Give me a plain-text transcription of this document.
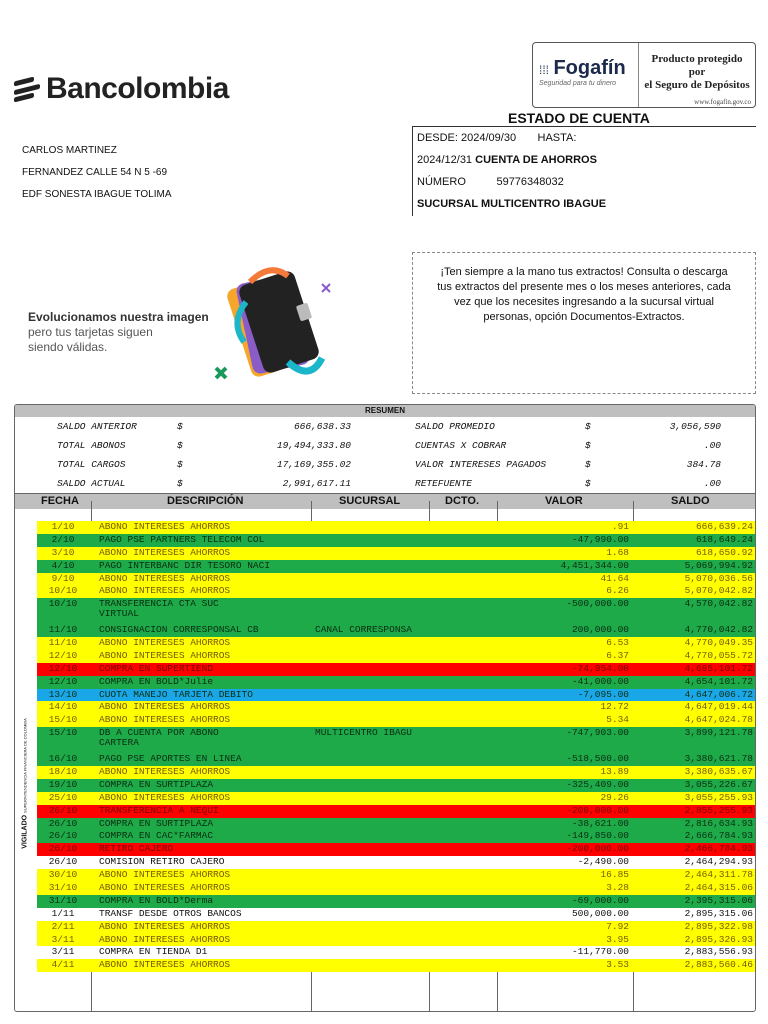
Bancolombia
⁞⁞⁞ Fogafín
Seguridad para tu dinero
Producto protegido por
el Seguro de Depósitos
www.fogafin.gov.co
ESTADO DE CUENTA
DESDE: 2024/09/30 HASTA:
2024/12/31 CUENTA DE AHORROS
NÚMERO	59776348032
SUCURSAL MULTICENTRO IBAGUE
CARLOS MARTINEZ
FERNANDEZ CALLE 54 N 5 -69
EDF SONESTA IBAGUE TOLIMA
Evolucionamos nuestra imagen
pero tus tarjetas siguen
siendo válidas.
¡Ten siempre a la mano tus extractos! Consulta o descarga tus extractos del presente mes o los meses anteriores, cada vez que los necesites ingresando a la sucursal virtual personas, opción Documentos-Extractos.
RESUMEN
SALDO ANTERIOR	$	666,638.33	SALDO PROMEDIO	$	3,056,590
TOTAL ABONOS	$	19,494,333.80	CUENTAS X COBRAR	$	.00
TOTAL CARGOS	$	17,169,355.02	VALOR INTERESES PAGADOS	$	384.78
SALDO ACTUAL	$	2,991,617.11	RETEFUENTE	$	.00
FECHA	DESCRIPCIÓN	SUCURSAL	DCTO.	VALOR	SALDO
1/10	ABONO INTERESES AHORROS	.91	666,639.24
2/10	PAGO PSE PARTNERS TELECOM COL	-47,990.00	618,649.24
3/10	ABONO INTERESES AHORROS	1.68	618,650.92
4/10	PAGO INTERBANC DIR TESORO NACI	4,451,344.00	5,069,994.92
9/10	ABONO INTERESES AHORROS	41.64	5,070,036.56
10/10	ABONO INTERESES AHORROS	6.26	5,070,042.82
10/10	TRANSFERENCIA CTA SUC	-500,000.00	4,570,042.82
VIRTUAL
11/10	CONSIGNACION CORRESPONSAL CB	CANAL CORRESPONSA	200,000.00	4,770,042.82
11/10	ABONO INTERESES AHORROS	6.53	4,770,049.35
12/10	ABONO INTERESES AHORROS	6.37	4,770,055.72
12/10	COMPRA EN SUPERTIEND	-74,954.00	4,695,101.72
12/10	COMPRA EN BOLD*Julie	-41,000.00	4,654,101.72
13/10	CUOTA MANEJO TARJETA DEBITO	-7,095.00	4,647,006.72
14/10	ABONO INTERESES AHORROS	12.72	4,647,019.44
15/10	ABONO INTERESES AHORROS	5.34	4,647,024.78
15/10	DB A CUENTA POR ABONO	MULTICENTRO IBAGU	-747,903.00	3,899,121.78
CARTERA
16/10	PAGO PSE APORTES EN LINEA	-518,500.00	3,380,621.78
18/10	ABONO INTERESES AHORROS	13.89	3,380,635.67
19/10	COMPRA EN SURTIPLAZA	-325,409.00	3,055,226.67
25/10	ABONO INTERESES AHORROS	29.26	3,055,255.93
26/10	TRANSFERENCIA A NEQUI	-200,000.00	2,855,255.93
26/10	COMPRA EN SURTIPLAZA	-38,621.00	2,816,634.93
26/10	COMPRA EN CAC*FARMAC	-149,850.00	2,666,784.93
26/10	RETIRO CAJERO	-200,000.00	2,466,784.93
26/10	COMISION RETIRO CAJERO	-2,490.00	2,464,294.93
30/10	ABONO INTERESES AHORROS	16.85	2,464,311.78
31/10	ABONO INTERESES AHORROS	3.28	2,464,315.06
31/10	COMPRA EN BOLD*Derma	-69,000.00	2,395,315.06
1/11	TRANSF DESDE OTROS BANCOS	500,000.00	2,895,315.06
2/11	ABONO INTERESES AHORROS	7.92	2,895,322.98
3/11	ABONO INTERESES AHORROS	3.95	2,895,326.93
3/11	COMPRA EN TIENDA D1	-11,770.00	2,883,556.93
4/11	ABONO INTERESES AHORROS	3.53	2,883,560.46
VIGILADO SUPERINTENDENCIA FINANCIERA DE COLOMBIA
